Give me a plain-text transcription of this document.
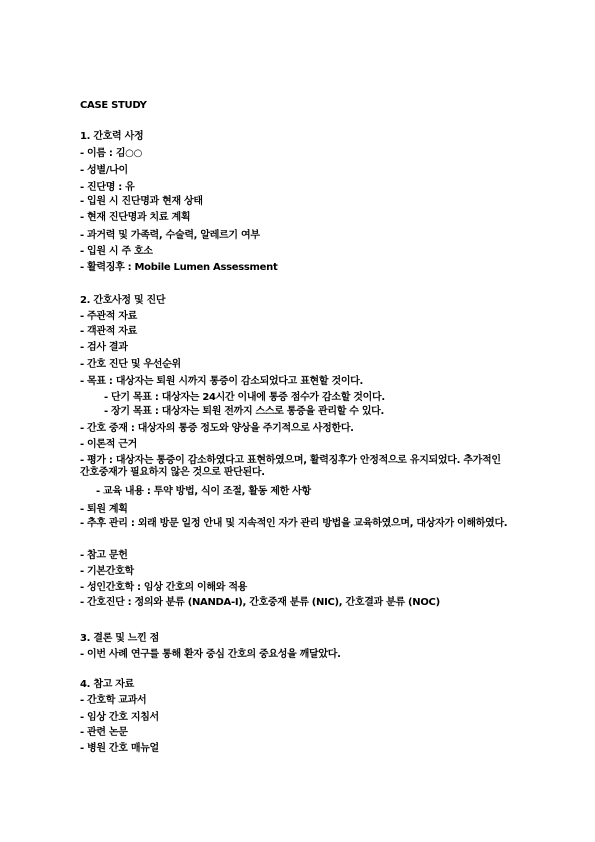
CASE STUDY
1. 간호력 사정
- 이름 : 김○○
- 성별/나이
- 진단명 : 유
- 입원 시 진단명과 현재 상태
- 현재 진단명과 치료 계획
- 과거력 및 가족력, 수술력, 알레르기 여부
- 입원 시 주 호소
- 활력징후 : Mobile Lumen Assessment
2. 간호사정 및 진단
- 주관적 자료
- 객관적 자료
- 검사 결과
- 간호 진단 및 우선순위
- 목표 : 대상자는 퇴원 시까지 통증이 감소되었다고 표현할 것이다.
- 단기 목표 : 대상자는 24시간 이내에 통증 점수가 감소할 것이다.
- 장기 목표 : 대상자는 퇴원 전까지 스스로 통증을 관리할 수 있다.
- 간호 중재 : 대상자의 통증 정도와 양상을 주기적으로 사정한다.
- 이론적 근거
- 평가 : 대상자는 통증이 감소하였다고 표현하였으며, 활력징후가 안정적으로 유지되었다. 추가적인 간호중재가 필요하지 않은 것으로 판단된다.
- 교육 내용 : 투약 방법, 식이 조절, 활동 제한 사항
- 퇴원 계획
- 추후 관리 : 외래 방문 일정 안내 및 지속적인 자가 관리 방법을 교육하였으며, 대상자가 이해하였다.
- 참고 문헌
- 기본간호학
- 성인간호학 : 임상 간호의 이해와 적용
- 간호진단 : 정의와 분류 (NANDA-I), 간호중재 분류 (NIC), 간호결과 분류 (NOC)
3. 결론 및 느낀 점
- 이번 사례 연구를 통해 환자 중심 간호의 중요성을 깨달았다.
4. 참고 자료
- 간호학 교과서
- 임상 간호 지침서
- 관련 논문
- 병원 간호 매뉴얼
